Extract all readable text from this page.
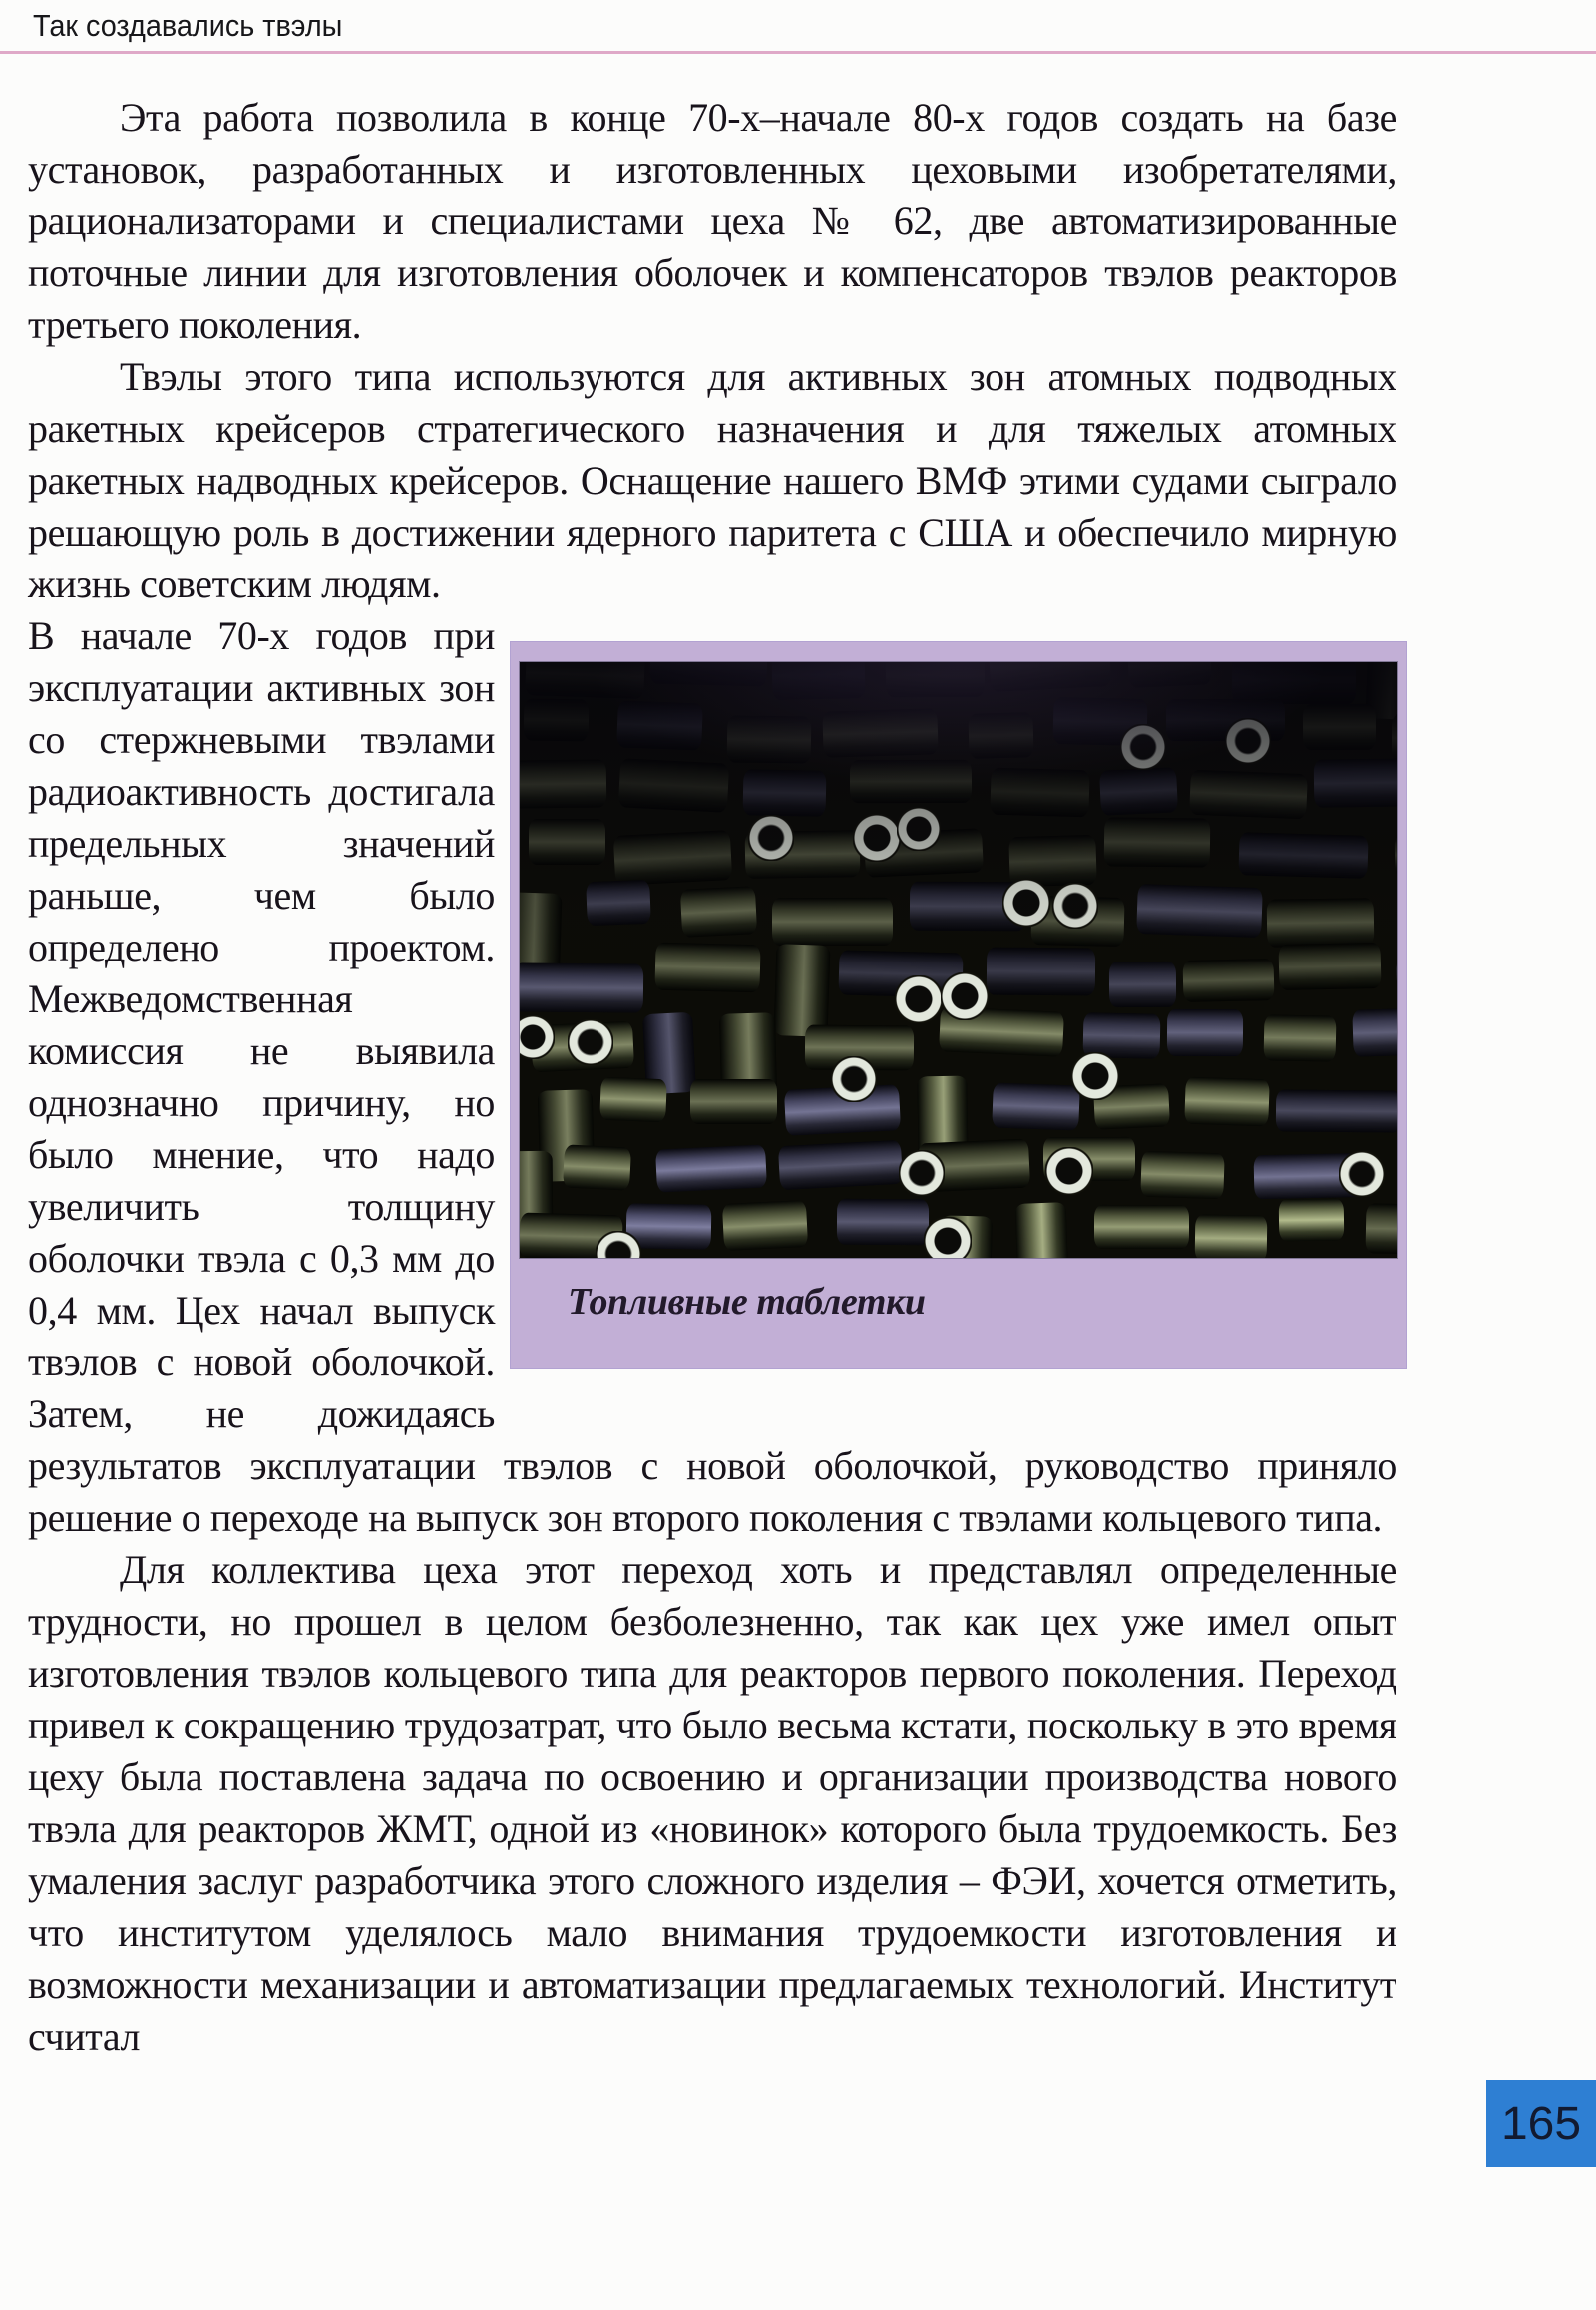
Так создавались твэлы

Эта работа позволила в конце 70-х–начале 80-х годов создать на базе установок, разработанных и изготовленных цеховыми изобретателями, рационализаторами и специалистами цеха № 62, две автоматизированные поточные линии для изготовления оболочек и компенсаторов твэлов реакторов третьего поколения.

Твэлы этого типа используются для активных зон атомных подводных ракетных крейсеров стратегического назначения и для тяжелых атомных ракетных надводных крейсеров. Оснащение нашего ВМФ этими судами сыграло решающую роль в достижении ядерного паритета с США и обеспечило мирную жизнь советским людям.

Топливные таблетки
В начале 70-х годов при эксплуатации активных зон со стержневыми твэлами радиоактивность достигала предельных значений раньше, чем было определено проектом. Межведомственная комиссия не выявила однозначно причину, но было мнение, что надо увеличить толщину оболочки твэла с 0,3 мм до 0,4 мм. Цех начал выпуск твэлов с новой оболочкой. Затем, не дожидаясь результатов эксплуатации твэлов с новой оболочкой, руководство приняло решение о переходе на выпуск зон второго поколения с твэлами кольцевого типа.

Для коллектива цеха этот переход хоть и представлял определенные трудности, но прошел в целом безболезненно, так как цех уже имел опыт изготовления твэлов кольцевого типа для реакторов первого поколения. Переход привел к сокращению трудозатрат, что было весьма кстати, поскольку в это время цеху была поставлена задача по освоению и организации производства нового твэла для реакторов ЖМТ, одной из «новинок» которого была трудоемкость. Без умаления заслуг разработчика этого сложного изделия – ФЭИ, хочется отметить, что институтом уделялось мало внимания трудоемкости изготовления и возможности механизации и автоматизации предлагаемых технологий. Институт считал

165
